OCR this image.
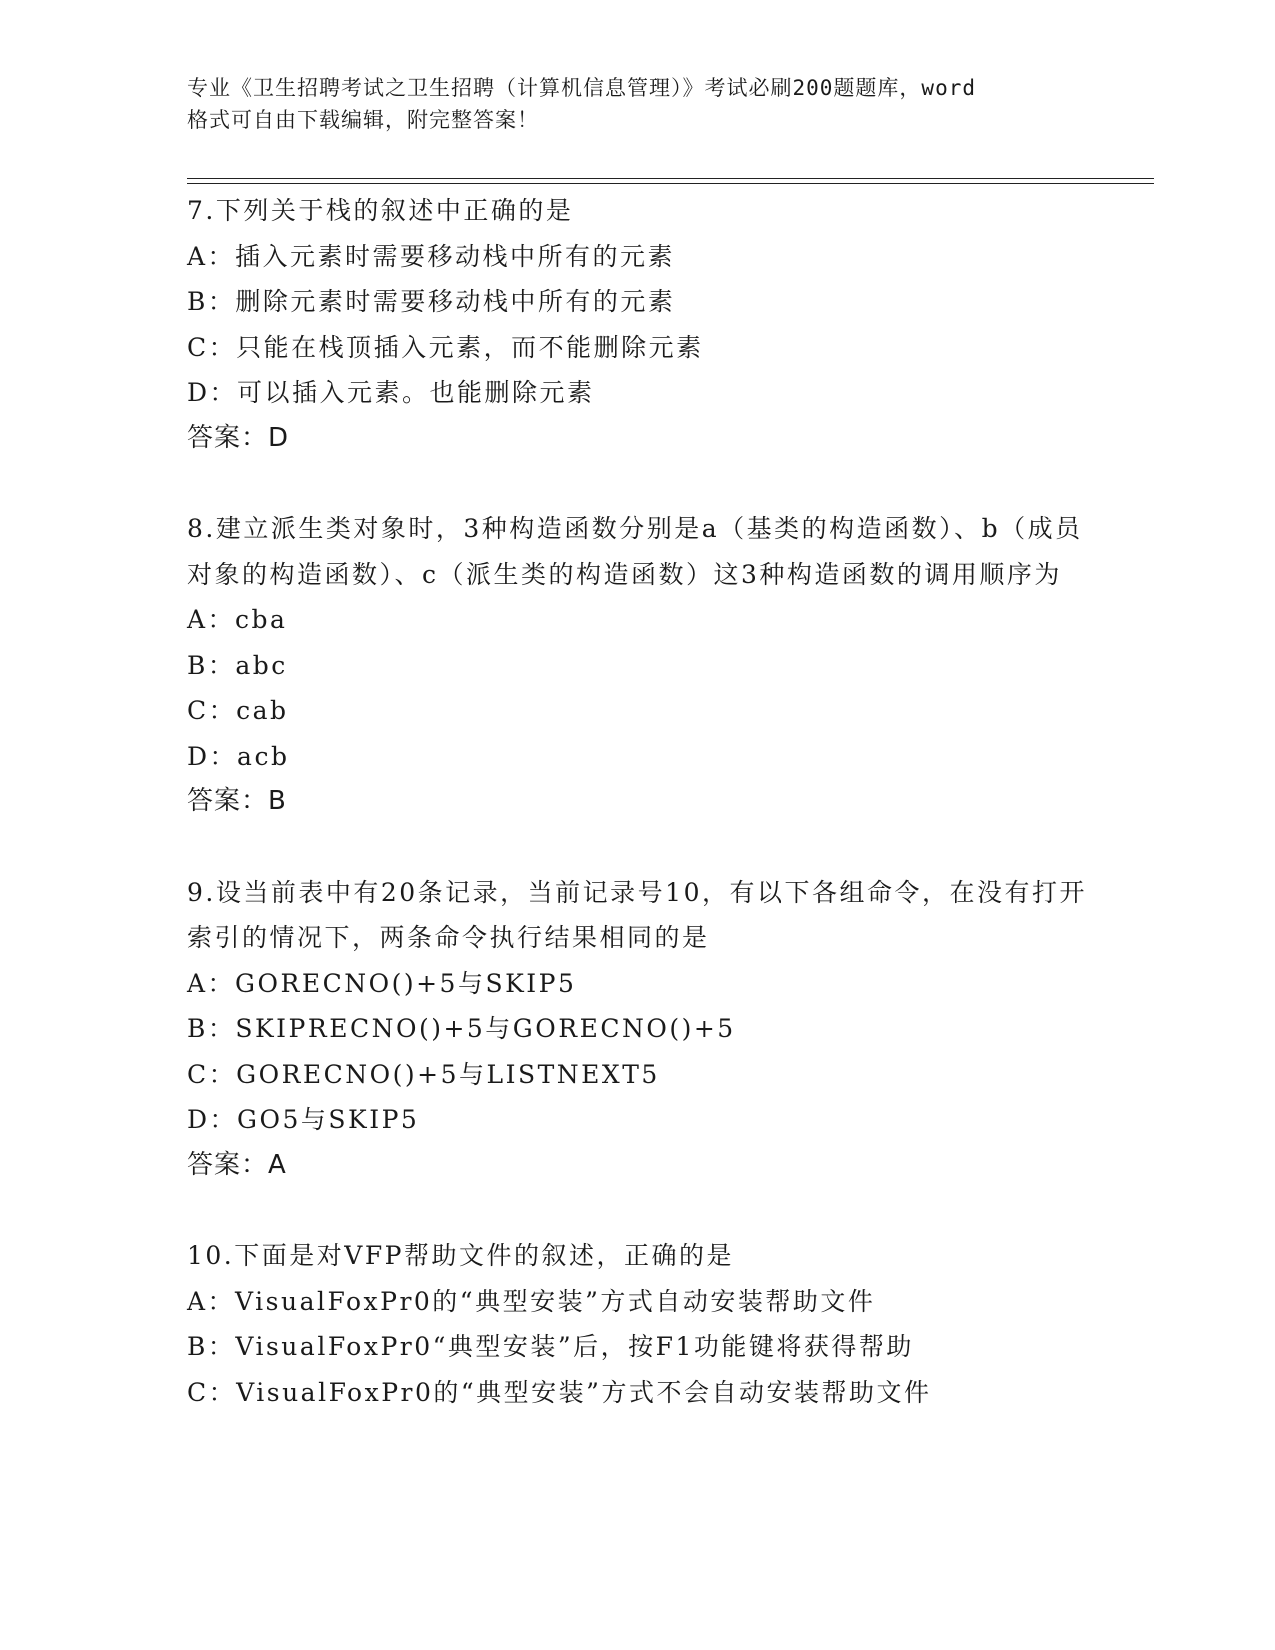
专业《卫生招聘考试之卫生招聘（计算机信息管理）》考试必刷200题题库，word
格式可自由下载编辑，附完整答案！

7.下列关于栈的叙述中正确的是

A：插入元素时需要移动栈中所有的元素

B：删除元素时需要移动栈中所有的元素

C：只能在栈顶插入元素，而不能删除元素

D：可以插入元素。也能删除元素

答案：D

8.建立派生类对象时，3种构造函数分别是a（基类的构造函数）、b（成员对象的构造函数）、c（派生类的构造函数）这3种构造函数的调用顺序为

A：cba

B：abc

C：cab

D：acb

答案：B

9.设当前表中有20条记录，当前记录号10，有以下各组命令，在没有打开索引的情况下，两条命令执行结果相同的是

A：GORECNO()+5与SKIP5

B：SKIPRECNO()+5与GORECNO()+5

C：GORECNO()+5与LISTNEXT5

D：GO5与SKIP5

答案：A

10.下面是对VFP帮助文件的叙述，正确的是

A：VisualFoxPr0的“典型安装”方式自动安装帮助文件

B：VisualFoxPr0“典型安装”后，按F1功能键将获得帮助

C：VisualFoxPr0的“典型安装”方式不会自动安装帮助文件
